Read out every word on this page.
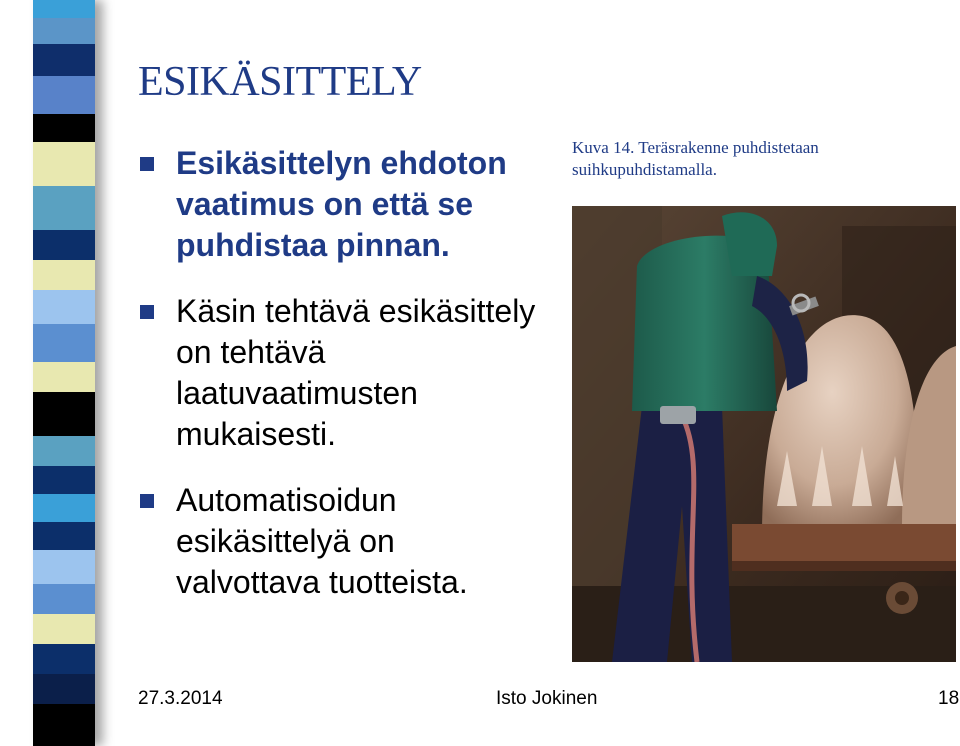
ESIKÄSITTELY
Esikäsittelyn ehdoton vaatimus on että se puhdistaa pinnan.
Käsin tehtävä esikäsittely on tehtävä laatuvaatimusten mukaisesti.
Automatisoidun esikäsittelyä on valvottava tuotteista.
Kuva 14. Teräsrakenne puhdistetaan suihkupuhdistamalla.
27.3.2014	Isto Jokinen	18
